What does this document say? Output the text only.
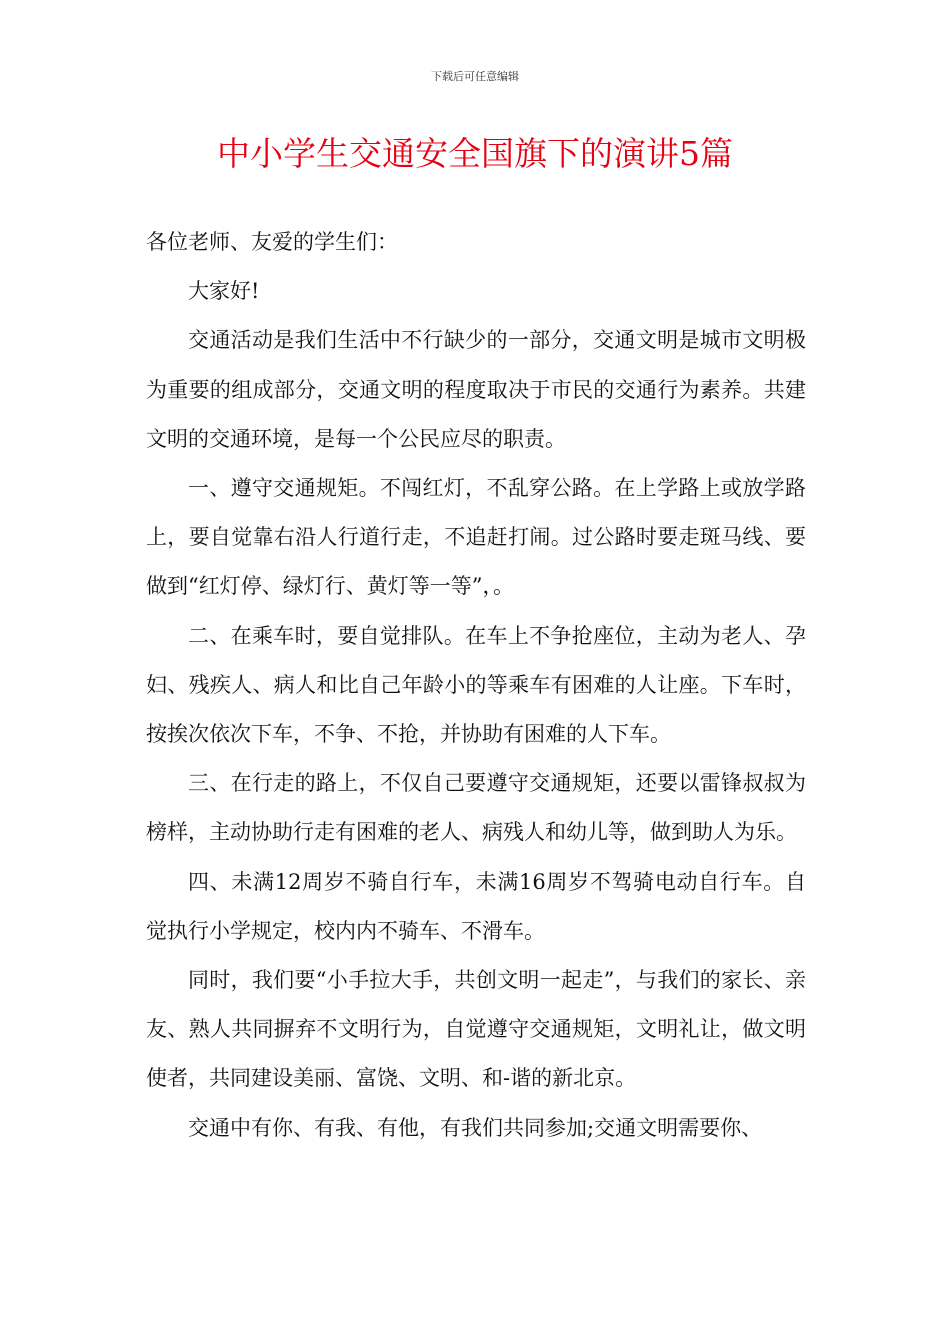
下载后可任意编辑
中小学生交通安全国旗下的演讲5篇

各位老师、友爱的学生们：

大家好!

交通活动是我们生活中不行缺少的一部分，交通文明是城市文明极为重要的组成部分，交通文明的程度取决于市民的交通行为素养。共建文明的交通环境，是每一个公民应尽的职责。

一、遵守交通规矩。不闯红灯，不乱穿公路。在上学路上或放学路上，要自觉靠右沿人行道行走，不追赶打闹。过公路时要走斑马线、要做到“红灯停、绿灯行、黄灯等一等”，。

二、在乘车时，要自觉排队。在车上不争抢座位，主动为老人、孕妇、残疾人、病人和比自己年龄小的等乘车有困难的人让座。下车时，按挨次依次下车，不争、不抢，并协助有困难的人下车。

三、在行走的路上，不仅自己要遵守交通规矩，还要以雷锋叔叔为榜样，主动协助行走有困难的老人、病残人和幼儿等，做到助人为乐。

四、未满12周岁不骑自行车，未满16周岁不驾骑电动自行车。自觉执行小学规定，校内内不骑车、不滑车。

同时，我们要“小手拉大手，共创文明一起走”，与我们的家长、亲友、熟人共同摒弃不文明行为，自觉遵守交通规矩，文明礼让，做文明使者，共同建设美丽、富饶、文明、和-谐的新北京。

交通中有你、有我、有他，有我们共同参加;交通文明需要你、
